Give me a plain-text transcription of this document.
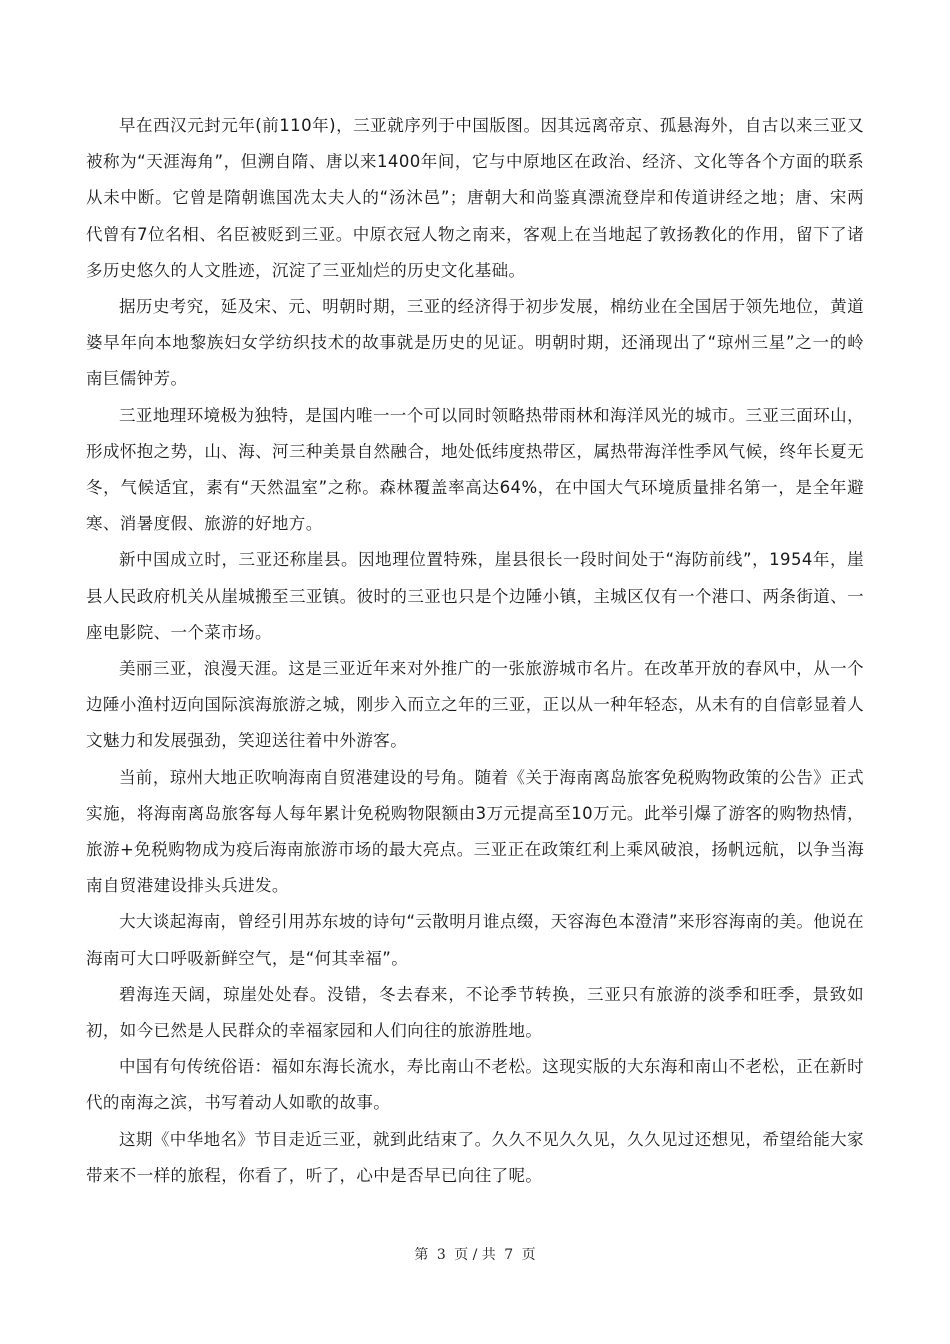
早在西汉元封元年(前110年)，三亚就序列于中国版图。因其远离帝京、孤悬海外，自古以来三亚又被称为“天涯海角”，但溯自隋、唐以来1400年间，它与中原地区在政治、经济、文化等各个方面的联系从未中断。它曾是隋朝谯国冼太夫人的“汤沐邑”；唐朝大和尚鉴真漂流登岸和传道讲经之地；唐、宋两代曾有7位名相、名臣被贬到三亚。中原衣冠人物之南来，客观上在当地起了敦扬教化的作用，留下了诸多历史悠久的人文胜迹，沉淀了三亚灿烂的历史文化基础。

据历史考究，延及宋、元、明朝时期，三亚的经济得于初步发展，棉纺业在全国居于领先地位，黄道婆早年向本地黎族妇女学纺织技术的故事就是历史的见证。明朝时期，还涌现出了“琼州三星”之一的岭南巨儒钟芳。

三亚地理环境极为独特，是国内唯一一个可以同时领略热带雨林和海洋风光的城市。三亚三面环山，形成怀抱之势，山、海、河三种美景自然融合，地处低纬度热带区，属热带海洋性季风气候，终年长夏无冬，气候适宜，素有“天然温室”之称。森林覆盖率高达64%，在中国大气环境质量排名第一，是全年避寒、消暑度假、旅游的好地方。

新中国成立时，三亚还称崖县。因地理位置特殊，崖县很长一段时间处于“海防前线”，1954年，崖县人民政府机关从崖城搬至三亚镇。彼时的三亚也只是个边陲小镇，主城区仅有一个港口、两条街道、一座电影院、一个菜市场。

美丽三亚，浪漫天涯。这是三亚近年来对外推广的一张旅游城市名片。在改革开放的春风中，从一个边陲小渔村迈向国际滨海旅游之城，刚步入而立之年的三亚，正以从一种年轻态，从未有的自信彰显着人文魅力和发展强劲，笑迎送往着中外游客。

当前，琼州大地正吹响海南自贸港建设的号角。随着《关于海南离岛旅客免税购物政策的公告》正式实施，将海南离岛旅客每人每年累计免税购物限额由3万元提高至10万元。此举引爆了游客的购物热情，旅游+免税购物成为疫后海南旅游市场的最大亮点。三亚正在政策红利上乘风破浪，扬帆远航，以争当海南自贸港建设排头兵进发。

大大谈起海南，曾经引用苏东坡的诗句“云散明月谁点缀，天容海色本澄清”来形容海南的美。他说在海南可大口呼吸新鲜空气，是“何其幸福”。

碧海连天阔，琼崖处处春。没错，冬去春来，不论季节转换，三亚只有旅游的淡季和旺季，景致如初，如今已然是人民群众的幸福家园和人们向往的旅游胜地。

中国有句传统俗语：福如东海长流水，寿比南山不老松。这现实版的大东海和南山不老松，正在新时代的南海之滨，书写着动人如歌的故事。

这期《中华地名》节目走近三亚，就到此结束了。久久不见久久见，久久见过还想见，希望给能大家带来不一样的旅程，你看了，听了，心中是否早已向往了呢。

第 3 页 / 共 7 页
